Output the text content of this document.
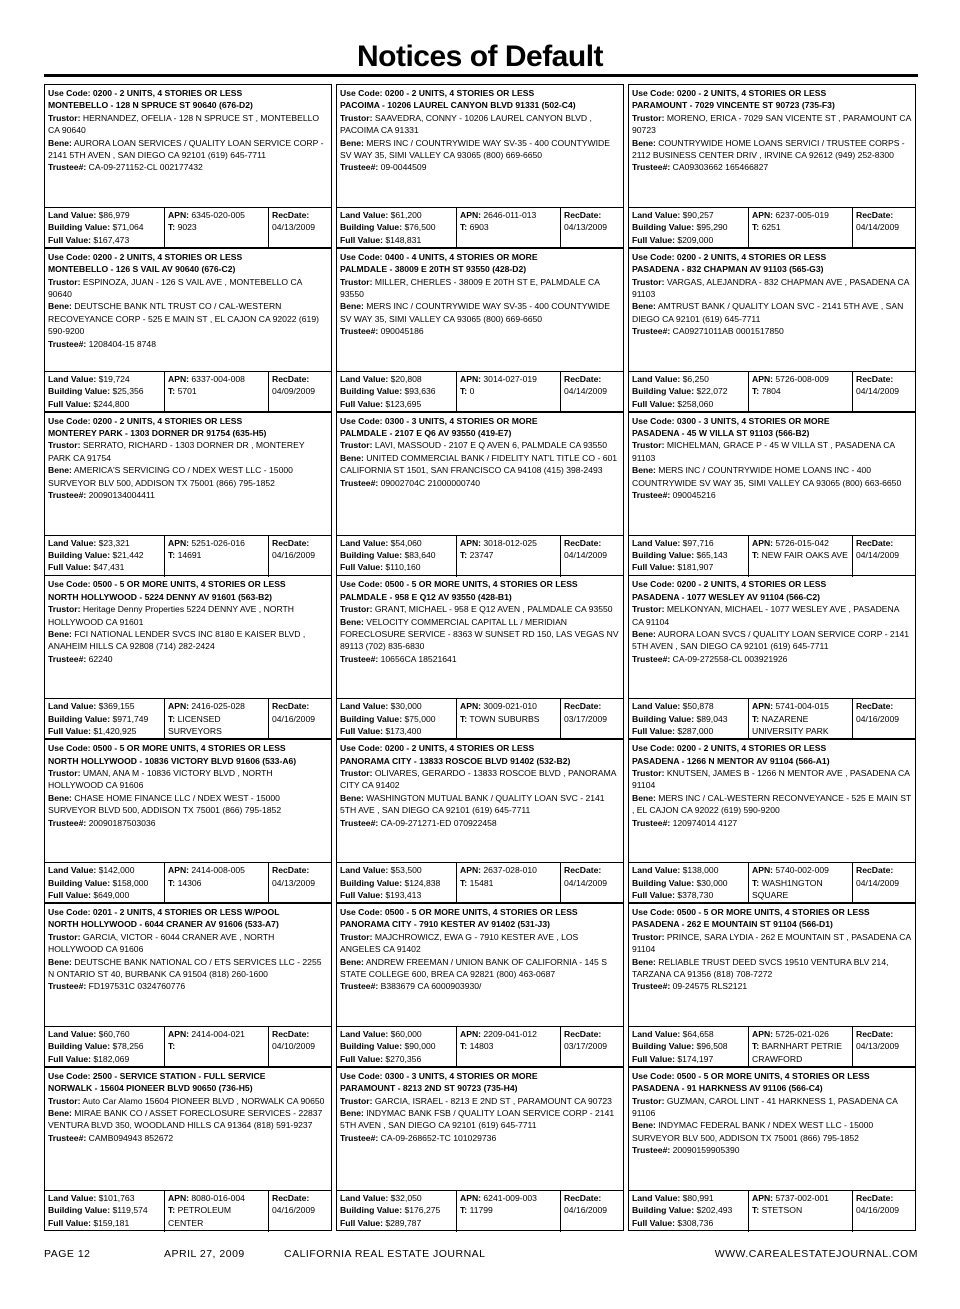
Notices of Default
Use Code: 0200 - 2 UNITS, 4 STORIES OR LESS
MONTEBELLO - 128 N SPRUCE ST 90640 (676-D2)
Trustor: HERNANDEZ, OFELIA - 128 N SPRUCE ST , MONTEBELLO CA 90640
Bene: AURORA LOAN SERVICES / QUALITY LOAN SERVICE CORP - 2141 5TH AVEN , SAN DIEGO CA 92101 (619) 645-7711
Trustee#: CA-09-271152-CL 002177432
Land Value: $86,979
Building Value: $71,064
Full Value: $167,473
APN: 6345-020-005
T: 9023
RecDate:
04/13/2009
Use Code: 0200 - 2 UNITS, 4 STORIES OR LESS
MONTEBELLO - 126 S VAIL AV 90640 (676-C2)
Trustor: ESPINOZA, JUAN - 126 S VAIL AVE , MONTEBELLO CA 90640
Bene: DEUTSCHE BANK NTL TRUST CO / CAL-WESTERN RECOVEYANCE CORP - 525 E MAIN ST , EL CAJON CA 92022 (619) 590-9200
Trustee#: 1208404-15 8748
Land Value: $19,724
Building Value: $25,356
Full Value: $244,800
APN: 6337-004-008
T: 5701
RecDate:
04/09/2009
Use Code: 0200 - 2 UNITS, 4 STORIES OR LESS
MONTEREY PARK - 1303 DORNER DR 91754 (635-H5)
Trustor: SERRATO, RICHARD - 1303 DORNER DR , MONTEREY PARK CA 91754
Bene: AMERICA'S SERVICING CO / NDEX WEST LLC - 15000 SURVEYOR BLV 500, ADDISON TX 75001 (866) 795-1852
Trustee#: 20090134004411
Land Value: $23,321
Building Value: $21,442
Full Value: $47,431
APN: 5251-026-016
T: 14691
RecDate:
04/16/2009
Use Code: 0500 - 5 OR MORE UNITS, 4 STORIES OR LESS
NORTH HOLLYWOOD - 5224 DENNY AV 91601 (563-B2)
Trustor: Heritage Denny Properties 5224 DENNY AVE , NORTH HOLLYWOOD CA 91601
Bene: FCI NATIONAL LENDER SVCS INC 8180 E KAISER BLVD , ANAHEIM HILLS CA 92808 (714) 282-2424
Trustee#: 62240
Land Value: $369,155
Building Value: $971,749
Full Value: $1,420,925
APN: 2416-025-028
T: LICENSED SURVEYORS
RecDate:
04/16/2009
Use Code: 0500 - 5 OR MORE UNITS, 4 STORIES OR LESS
NORTH HOLLYWOOD - 10836 VICTORY BLVD 91606 (533-A6)
Trustor: UMAN, ANA M - 10836 VICTORY BLVD , NORTH HOLLYWOOD CA 91606
Bene: CHASE HOME FINANCE LLC / NDEX WEST - 15000 SURVEYOR BLVD 500, ADDISON TX 75001 (866) 795-1852
Trustee#: 20090187503036
Land Value: $142,000
Building Value: $158,000
Full Value: $649,000
APN: 2414-008-005
T: 14306
RecDate:
04/13/2009
Use Code: 0201 - 2 UNITS, 4 STORIES OR LESS W/POOL
NORTH HOLLYWOOD - 6044 CRANER AV 91606 (533-A7)
Trustor: GARCIA, VICTOR - 6044 CRANER AVE , NORTH HOLLYWOOD CA 91606
Bene: DEUTSCHE BANK NATIONAL CO / ETS SERVICES LLC - 2255 N ONTARIO ST 40, BURBANK CA 91504 (818) 260-1600
Trustee#: FD197531C 0324760776
Land Value: $60,760
Building Value: $78,256
Full Value: $182,069
APN: 2414-004-021
T:
RecDate:
04/10/2009
Use Code: 2500 - SERVICE STATION - FULL SERVICE
NORWALK - 15604 PIONEER BLVD 90650 (736-H5)
Trustor: Auto Car Alamo 15604 PIONEER BLVD , NORWALK CA 90650
Bene: MIRAE BANK CO / ASSET FORECLOSURE SERVICES - 22837 VENTURA BLVD 350, WOODLAND HILLS CA 91364 (818) 591-9237
Trustee#: CAMB094943 852672
Land Value: $101,763
Building Value: $119,574
Full Value: $159,181
APN: 8080-016-004
T: PETROLEUM CENTER
RecDate:
04/16/2009
Use Code: 0200 - 2 UNITS, 4 STORIES OR LESS
PACOIMA - 10206 LAUREL CANYON BLVD 91331 (502-C4)
Trustor: SAAVEDRA, CONNY - 10206 LAUREL CANYON BLVD , PACOIMA CA 91331
Bene: MERS INC / COUNTRYWIDE WAY SV-35 - 400 COUNTYWIDE SV WAY 35, SIMI VALLEY CA 93065 (800) 669-6650
Trustee#: 09-0044509
Land Value: $61,200
Building Value: $76,500
Full Value: $148,831
APN: 2646-011-013
T: 6903
RecDate:
04/13/2009
Use Code: 0400 - 4 UNITS, 4 STORIES OR MORE
PALMDALE - 38009 E 20TH ST 93550 (428-D2)
Trustor: MILLER, CHERLES - 38009 E 20TH ST E, PALMDALE CA 93550
Bene: MERS INC / COUNTRYWIDE WAY SV-35 - 400 COUNTYWIDE SV WAY 35, SIMI VALLEY CA 93065 (800) 669-6650
Trustee#: 090045186
Land Value: $20,808
Building Value: $93,636
Full Value: $123,695
APN: 3014-027-019
T: 0
RecDate:
04/14/2009
Use Code: 0300 - 3 UNITS, 4 STORIES OR MORE
PALMDALE - 2107 E Q6 AV 93550 (419-E7)
Trustor: LAVI, MASSOUD - 2107 E Q AVEN 6, PALMDALE CA 93550
Bene: UNITED COMMERCIAL BANK / FIDELITY NAT'L TITLE CO - 601 CALIFORNIA ST 1501, SAN FRANCISCO CA 94108 (415) 398-2493
Trustee#: 09002704C 21000000740
Land Value: $54,060
Building Value: $83,640
Full Value: $110,160
APN: 3018-012-025
T: 23747
RecDate:
04/14/2009
Use Code: 0500 - 5 OR MORE UNITS, 4 STORIES OR LESS
PALMDALE - 958 E Q12 AV 93550 (428-B1)
Trustor: GRANT, MICHAEL - 958 E Q12 AVEN , PALMDALE CA 93550
Bene: VELOCITY COMMERCIAL CAPITAL LL / MERIDIAN FORECLOSURE SERVICE - 8363 W SUNSET RD 150, LAS VEGAS NV 89113 (702) 835-6830
Trustee#: 10656CA 18521641
Land Value: $30,000
Building Value: $75,000
Full Value: $173,400
APN: 3009-021-010
T: TOWN SUBURBS
RecDate:
03/17/2009
Use Code: 0200 - 2 UNITS, 4 STORIES OR LESS
PANORAMA CITY - 13833 ROSCOE BLVD 91402 (532-B2)
Trustor: OLIVARES, GERARDO - 13833 ROSCOE BLVD , PANORAMA CITY CA 91402
Bene: WASHINGTON MUTUAL BANK / QUALITY LOAN SVC - 2141 5TH AVE , SAN DIEGO CA 92101 (619) 645-7711
Trustee#: CA-09-271271-ED 070922458
Land Value: $53,500
Building Value: $124,838
Full Value: $193,413
APN: 2637-028-010
T: 15481
RecDate:
04/14/2009
Use Code: 0500 - 5 OR MORE UNITS, 4 STORIES OR LESS
PANORAMA CITY - 7910 KESTER AV 91402 (531-J3)
Trustor: MAJCHROWICZ, EWA G - 7910 KESTER AVE , LOS ANGELES CA 91402
Bene: ANDREW FREEMAN / UNION BANK OF CALIFORNIA - 145 S STATE COLLEGE 600, BREA CA 92821 (800) 463-0687
Trustee#: B383679 CA 6000903930/
Land Value: $60,000
Building Value: $90,000
Full Value: $270,356
APN: 2209-041-012
T: 14803
RecDate:
03/17/2009
Use Code: 0300 - 3 UNITS, 4 STORIES OR MORE
PARAMOUNT - 8213 2ND ST 90723 (735-H4)
Trustor: GARCIA, ISRAEL - 8213 E 2ND ST , PARAMOUNT CA 90723
Bene: INDYMAC BANK FSB / QUALITY LOAN SERVICE CORP - 2141 5TH AVEN , SAN DIEGO CA 92101 (619) 645-7711
Trustee#: CA-09-268652-TC 101029736
Land Value: $32,050
Building Value: $176,275
Full Value: $289,787
APN: 6241-009-003
T: 11799
RecDate:
04/16/2009
Use Code: 0200 - 2 UNITS, 4 STORIES OR LESS
PARAMOUNT - 7029 VINCENTE ST 90723 (735-F3)
Trustor: MORENO, ERICA - 7029 SAN VICENTE ST , PARAMOUNT CA 90723
Bene: COUNTRYWIDE HOME LOANS SERVICI / TRUSTEE CORPS - 2112 BUSINESS CENTER DRIV , IRVINE CA 92612 (949) 252-8300
Trustee#: CA09303662 165466827
Land Value: $90,257
Building Value: $95,290
Full Value: $209,000
APN: 6237-005-019
T: 6251
RecDate:
04/14/2009
Use Code: 0200 - 2 UNITS, 4 STORIES OR LESS
PASADENA - 832 CHAPMAN AV 91103 (565-G3)
Trustor: VARGAS, ALEJANDRA - 832 CHAPMAN AVE , PASADENA CA 91103
Bene: AMTRUST BANK / QUALITY LOAN SVC - 2141 5TH AVE , SAN DIEGO CA 92101 (619) 645-7711
Trustee#: CA09271011AB 0001517850
Land Value: $6,250
Building Value: $22,072
Full Value: $258,060
APN: 5726-008-009
T: 7804
RecDate:
04/14/2009
Use Code: 0300 - 3 UNITS, 4 STORIES OR MORE
PASADENA - 45 W VILLA ST 91103 (566-B2)
Trustor: MICHELMAN, GRACE P - 45 W VILLA ST , PASADENA CA 91103
Bene: MERS INC / COUNTRYWIDE HOME LOANS INC - 400 COUNTRYWIDE SV WAY 35, SIMI VALLEY CA 93065 (800) 663-6650
Trustee#: 090045216
Land Value: $97,716
Building Value: $65,143
Full Value: $181,907
APN: 5726-015-042
T: NEW FAIR OAKS AVE
RecDate:
04/14/2009
Use Code: 0200 - 2 UNITS, 4 STORIES OR LESS
PASADENA - 1077 WESLEY AV 91104 (566-C2)
Trustor: MELKONYAN, MICHAEL - 1077 WESLEY AVE , PASADENA CA 91104
Bene: AURORA LOAN SVCS / QUALITY LOAN SERVICE CORP - 2141 5TH AVEN , SAN DIEGO CA 92101 (619) 645-7711
Trustee#: CA-09-272558-CL 003921926
Land Value: $50,878
Building Value: $89,043
Full Value: $287,000
APN: 5741-004-015
T: NAZARENE UNIVERSITY PARK
RecDate:
04/16/2009
Use Code: 0200 - 2 UNITS, 4 STORIES OR LESS
PASADENA - 1266 N MENTOR AV 91104 (566-A1)
Trustor: KNUTSEN, JAMES B - 1266 N MENTOR AVE , PASADENA CA 91104
Bene: MERS INC / CAL-WESTERN RECONVEYANCE - 525 E MAIN ST , EL CAJON CA 92022 (619) 590-9200
Trustee#: 120974014 4127
Land Value: $138,000
Building Value: $30,000
Full Value: $378,730
APN: 5740-002-009
T: WASH1NGTON SQUARE
RecDate:
04/14/2009
Use Code: 0500 - 5 OR MORE UNITS, 4 STORIES OR LESS
PASADENA - 262 E MOUNTAIN ST 91104 (566-D1)
Trustor: PRINCE, SARA LYDIA - 262 E MOUNTAIN ST , PASADENA CA 91104
Bene: RELIABLE TRUST DEED SVCS 19510 VENTURA BLV 214, TARZANA CA 91356 (818) 708-7272
Trustee#: 09-24575 RLS2121
Land Value: $64,658
Building Value: $96,508
Full Value: $174,197
APN: 5725-021-026
T: BARNHART PETRIE CRAWFORD
RecDate:
04/13/2009
Use Code: 0500 - 5 OR MORE UNITS, 4 STORIES OR LESS
PASADENA - 91 HARKNESS AV 91106 (566-C4)
Trustor: GUZMAN, CAROL LINT - 41 HARKNESS 1, PASADENA CA 91106
Bene: INDYMAC FEDERAL BANK / NDEX WEST LLC - 15000 SURVEYOR BLV 500, ADDISON TX 75001 (866) 795-1852
Trustee#: 20090159905390
Land Value: $80,991
Building Value: $202,493
Full Value: $308,736
APN: 5737-002-001
T: STETSON
RecDate:
04/16/2009
PAGE 12	APRIL 27, 2009	CALIFORNIA REAL ESTATE JOURNAL	WWW.CAREALESTATEJOURNAL.COM
